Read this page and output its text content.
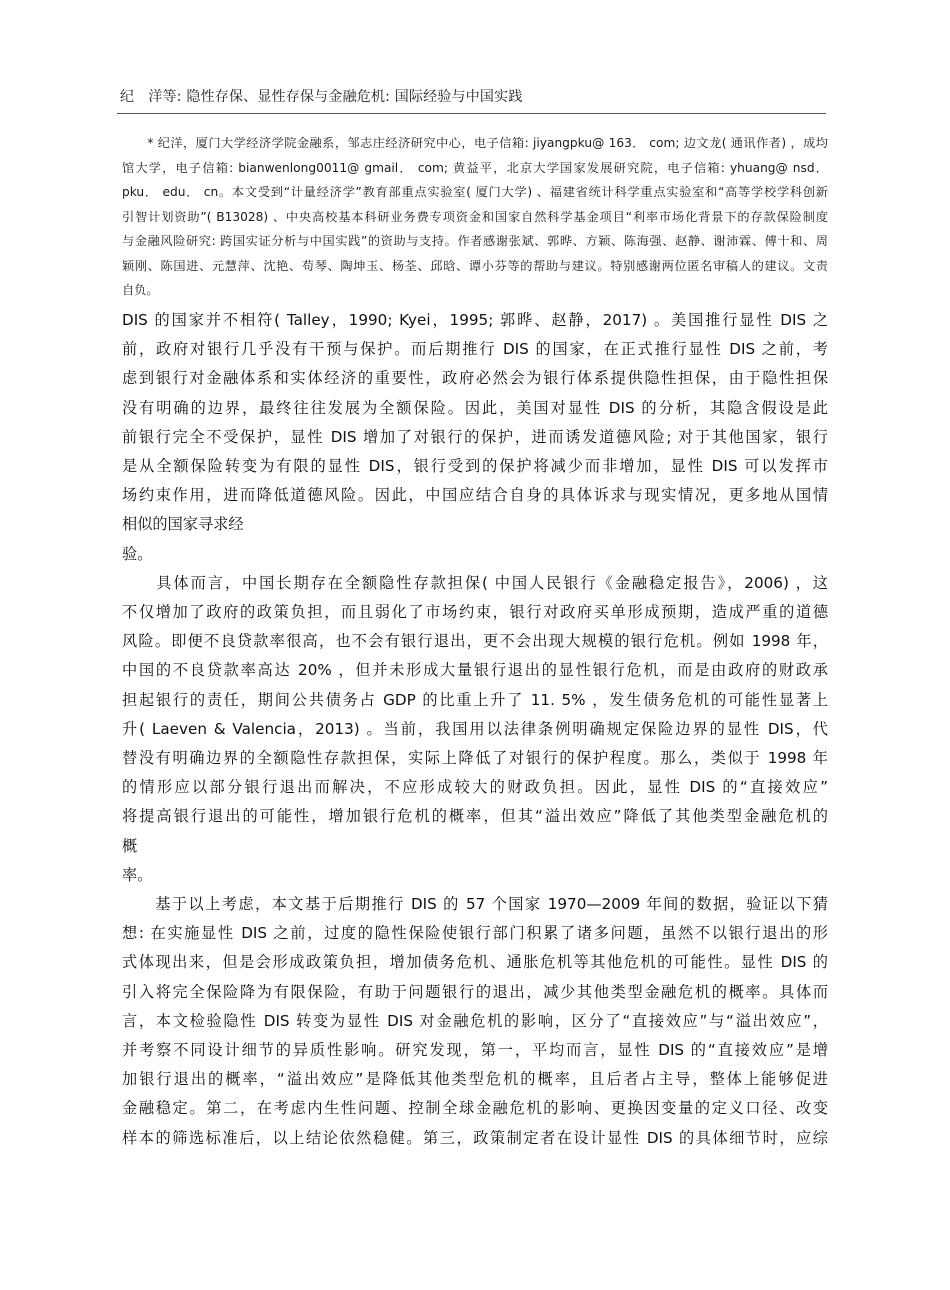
纪　洋等: 隐性存保、显性存保与金融危机: 国际经验与中国实践
　　* 纪洋，厦门大学经济学院金融系，邹志庄经济研究中心，电子信箱: jiyangpku@ 163． com; 边文龙( 通讯作者) ，成均
馆大学，电子信箱: bianwenlong0011@ gmail． com; 黄益平，北京大学国家发展研究院，电子信箱: yhuang@ nsd．
pku． edu． cn。本文受到“计量经济学”教育部重点实验室( 厦门大学) 、福建省统计科学重点实验室和“高等学校学科创新
引智计划资助”( B13028) 、中央高校基本科研业务费专项资金和国家自然科学基金项目“利率市场化背景下的存款保险制度
与金融风险研究: 跨国实证分析与中国实践”的资助与支持。作者感谢张斌、郭晔、方颖、陈海强、赵静、谢沛霖、傅十和、周
颖刚、陈国进、元慧萍、沈艳、苟琴、陶坤玉、杨荃、邱晗、谭小芬等的帮助与建议。特别感谢两位匿名审稿人的建议。文责
自负。
DIS 的国家并不相符( Talley，1990; Kyei，1995; 郭晔、赵静，2017) 。美国推行显性 DIS 之
前，政府对银行几乎没有干预与保护。而后期推行 DIS 的国家，在正式推行显性 DIS 之前，考
虑到银行对金融体系和实体经济的重要性，政府必然会为银行体系提供隐性担保，由于隐性担保
没有明确的边界，最终往往发展为全额保险。因此，美国对显性 DIS 的分析，其隐含假设是此
前银行完全不受保护，显性 DIS 增加了对银行的保护，进而诱发道德风险; 对于其他国家，银行
是从全额保险转变为有限的显性 DIS，银行受到的保护将减少而非增加，显性 DIS 可以发挥市
场约束作用，进而降低道德风险。因此，中国应结合自身的具体诉求与现实情况，更多地从国情
相似的国家寻求经
验。
　　具体而言，中国长期存在全额隐性存款担保( 中国人民银行《金融稳定报告》，2006) ，这
不仅增加了政府的政策负担，而且弱化了市场约束，银行对政府买单形成预期，造成严重的道德
风险。即便不良贷款率很高，也不会有银行退出，更不会出现大规模的银行危机。例如 1998 年，
中国的不良贷款率高达 20% ，但并未形成大量银行退出的显性银行危机，而是由政府的财政承
担起银行的责任，期间公共债务占 GDP 的比重上升了 11. 5% ，发生债务危机的可能性显著上
升( Laeven & Valencia，2013) 。当前，我国用以法律条例明确规定保险边界的显性 DIS，代
替没有明确边界的全额隐性存款担保，实际上降低了对银行的保护程度。那么，类似于 1998 年
的情形应以部分银行退出而解决，不应形成较大的财政负担。因此，显性 DIS 的“直接效应”
将提高银行退出的可能性，增加银行危机的概率，但其“溢出效应”降低了其他类型金融危机的
概
率。
　　基于以上考虑，本文基于后期推行 DIS 的 57 个国家 1970—2009 年间的数据，验证以下猜
想: 在实施显性 DIS 之前，过度的隐性保险使银行部门积累了诸多问题，虽然不以银行退出的形
式体现出来，但是会形成政策负担，增加债务危机、通胀危机等其他危机的可能性。显性 DIS 的
引入将完全保险降为有限保险，有助于问题银行的退出，减少其他类型金融危机的概率。具体而
言，本文检验隐性 DIS 转变为显性 DIS 对金融危机的影响，区分了“直接效应”与“溢出效应”，
并考察不同设计细节的异质性影响。研究发现，第一，平均而言，显性 DIS 的“直接效应”是增
加银行退出的概率，“溢出效应”是降低其他类型危机的概率，且后者占主导，整体上能够促进
金融稳定。第二，在考虑内生性问题、控制全球金融危机的影响、更换因变量的定义口径、改变
样本的筛选标准后，以上结论依然稳健。第三，政策制定者在设计显性 DIS 的具体细节时，应综
